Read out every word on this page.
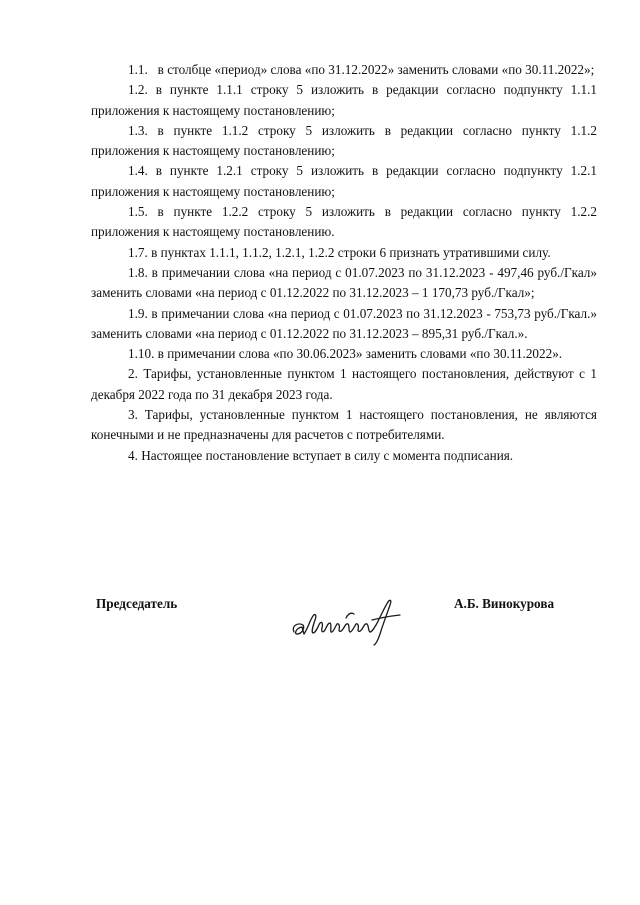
1.1.   в столбце «период» слова «по 31.12.2022» заменить словами «по 30.11.2022»;

1.2. в пункте 1.1.1 строку 5 изложить в редакции согласно подпункту 1.1.1 приложения к настоящему постановлению;

1.3. в пункте 1.1.2 строку 5 изложить в редакции согласно пункту 1.1.2 приложения к настоящему постановлению;

1.4. в пункте 1.2.1 строку 5 изложить в редакции согласно подпункту 1.2.1 приложения к настоящему постановлению;

1.5. в пункте 1.2.2 строку 5 изложить в редакции согласно пункту 1.2.2 приложения к настоящему постановлению.

1.7. в пунктах 1.1.1, 1.1.2, 1.2.1, 1.2.2 строки 6 признать утратившими силу.

1.8. в примечании слова «на период с 01.07.2023 по 31.12.2023 - 497,46 руб./Гкал» заменить словами «на период с 01.12.2022 по 31.12.2023 – 1 170,73 руб./Гкал»;

1.9. в примечании слова «на период с 01.07.2023 по 31.12.2023 - 753,73 руб./Гкал.» заменить словами «на период с 01.12.2022 по 31.12.2023 – 895,31 руб./Гкал.».

1.10. в примечании слова «по 30.06.2023» заменить словами «по 30.11.2022».

2. Тарифы, установленные пунктом 1 настоящего постановления, действуют с 1 декабря 2022 года по 31 декабря 2023 года.

3. Тарифы, установленные пунктом 1 настоящего постановления, не являются конечными и не предназначены для расчетов с потребителями.

4. Настоящее постановление вступает в силу с момента подписания.

Председатель	А.Б. Винокурова
